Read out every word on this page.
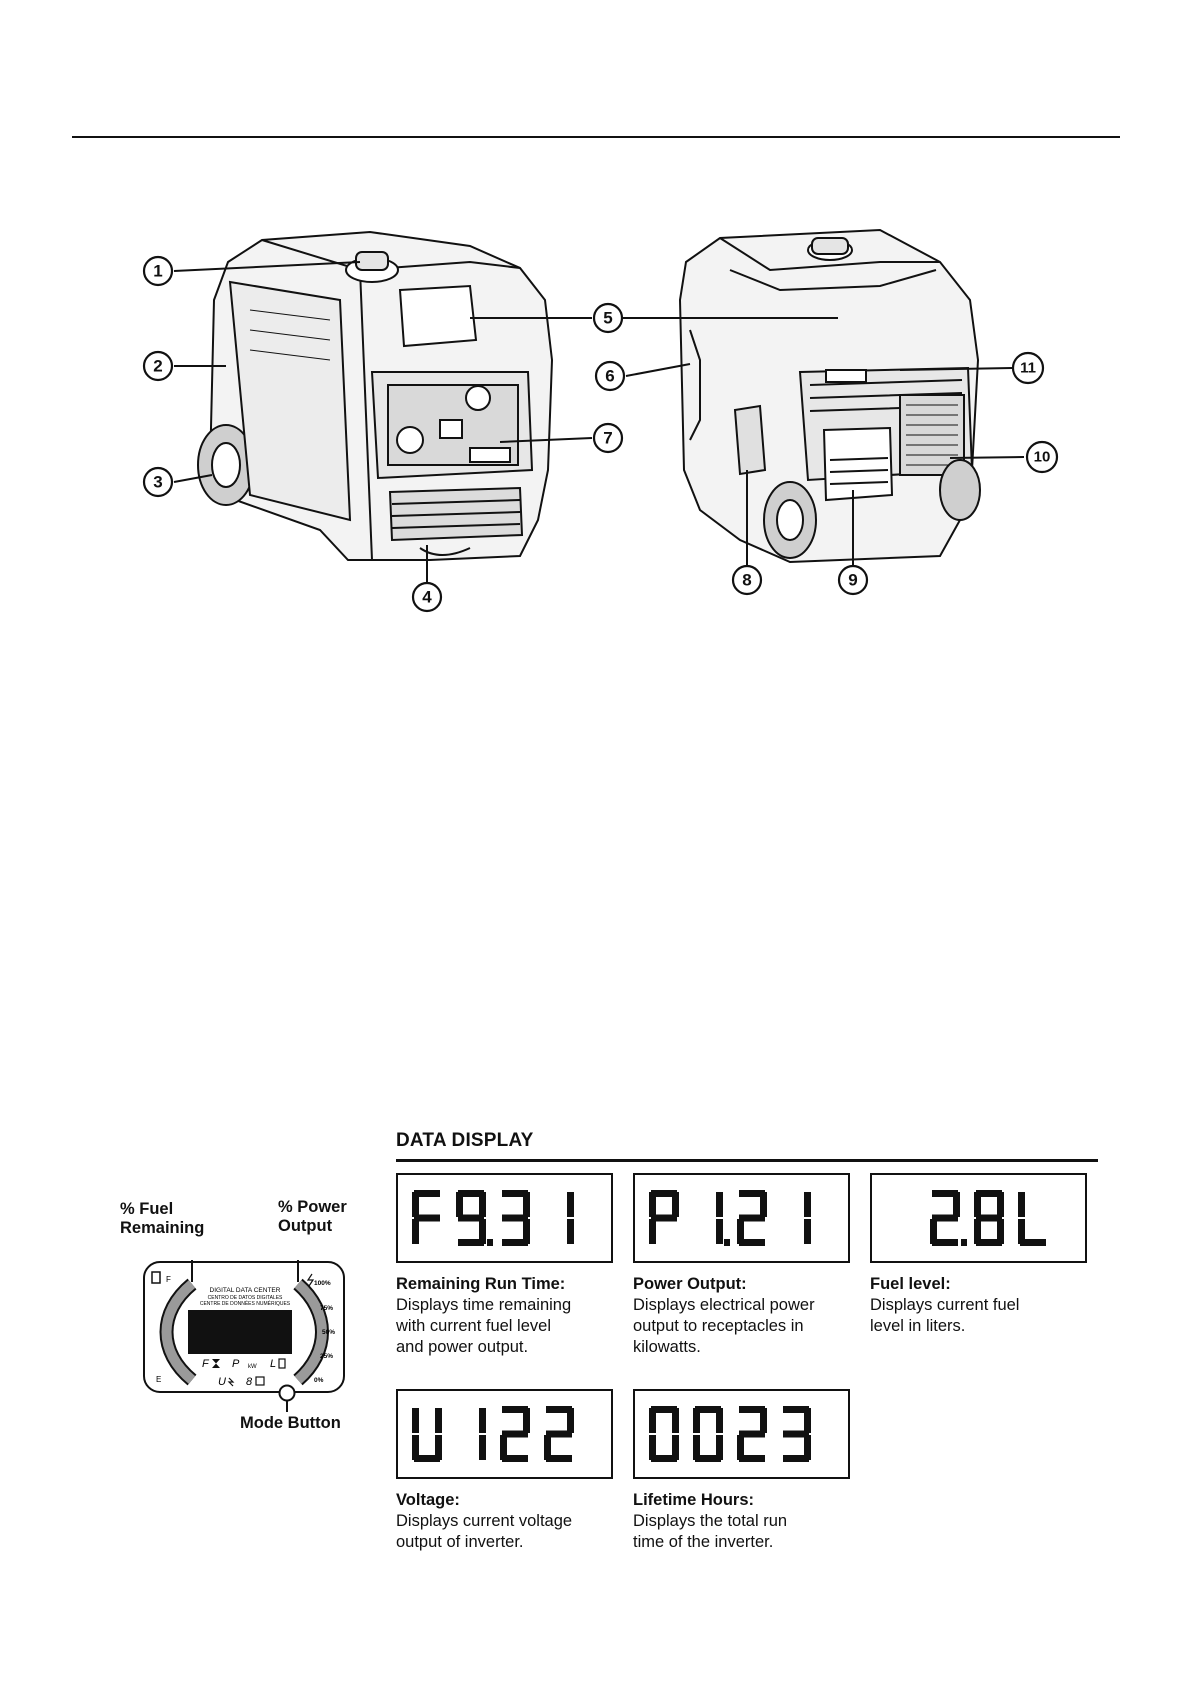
1
2
3
4
5
6
7
8	9
10
11
% Fuel
Remaining
% Power
Output
Mode Button
DIGITAL DATA CENTER
CENTRO DE DATOS DIGITALES
CENTRE DE DONNÉES NUMÉRIQUES
F
E
100%
75%
50%
25%
0%
F P kW L
U 8
DATA DISPLAY
Remaining Run Time:
Displays time remaining
with current fuel level
and power output.
Power Output:
Displays electrical power
output to receptacles in
kilowatts.
Fuel level:
Displays current fuel
level in liters.
Voltage:
Displays current voltage
output of inverter.
Lifetime Hours:
Displays the total run
time of the inverter.
